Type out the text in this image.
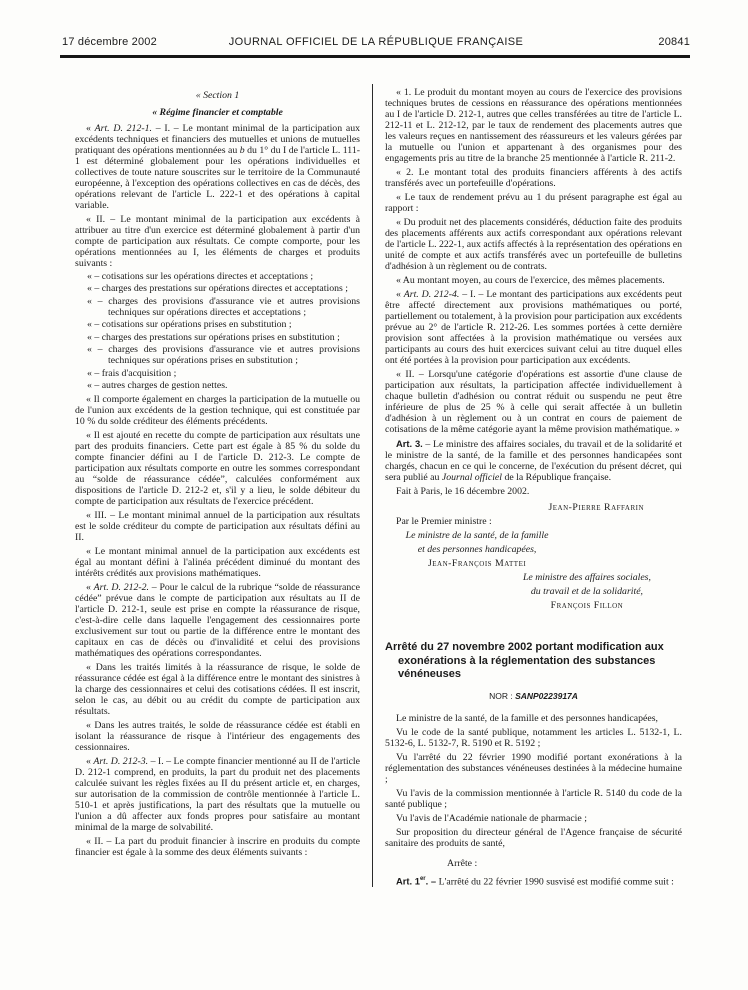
17 décembre 2002	JOURNAL OFFICIEL DE LA RÉPUBLIQUE FRANÇAISE	20841

« Section 1

« Régime financier et comptable

« Art. D. 212-1. – I. – Le montant minimal de la participation aux excédents techniques et financiers des mutuelles et unions de mutuelles pratiquant des opérations mentionnées au b du 1° du I de l'article L. 111-1 est déterminé globalement pour les opérations individuelles et collectives de toute nature souscrites sur le territoire de la Communauté européenne, à l'exception des opérations collectives en cas de décès, des opérations relevant de l'article L. 222-1 et des opérations à capital variable.

« II. – Le montant minimal de la participation aux excédents à attribuer au titre d'un exercice est déterminé globalement à partir d'un compte de participation aux résultats. Ce compte comporte, pour les opérations mentionnées au I, les éléments de charges et produits suivants :

« – cotisations sur les opérations directes et acceptations ;

« – charges des prestations sur opérations directes et acceptations ;

« – charges des provisions d'assurance vie et autres provisions techniques sur opérations directes et acceptations ;

« – cotisations sur opérations prises en substitution ;

« – charges des prestations sur opérations prises en substitution ;

« – charges des provisions d'assurance vie et autres provisions techniques sur opérations prises en substitution ;

« – frais d'acquisition ;

« – autres charges de gestion nettes.

« Il comporte également en charges la participation de la mutuelle ou de l'union aux excédents de la gestion technique, qui est constituée par 10 % du solde créditeur des éléments précédents.

« Il est ajouté en recette du compte de participation aux résultats une part des produits financiers. Cette part est égale à 85 % du solde du compte financier défini au I de l'article D. 212-3. Le compte de participation aux résultats comporte en outre les sommes correspondant au “solde de réassurance cédée”, calculées conformément aux dispositions de l'article D. 212-2 et, s'il y a lieu, le solde débiteur du compte de participation aux résultats de l'exercice précédent.

« III. – Le montant minimal annuel de la participation aux résultats est le solde créditeur du compte de participation aux résultats défini au II.

« Le montant minimal annuel de la participation aux excédents est égal au montant défini à l'alinéa précédent diminué du montant des intérêts crédités aux provisions mathématiques.

« Art. D. 212-2. – Pour le calcul de la rubrique “solde de réassurance cédée” prévue dans le compte de participation aux résultats au II de l'article D. 212-1, seule est prise en compte la réassurance de risque, c'est-à-dire celle dans laquelle l'engagement des cessionnaires porte exclusivement sur tout ou partie de la différence entre le montant des capitaux en cas de décès ou d'invalidité et celui des provisions mathématiques des opérations correspondantes.

« Dans les traités limités à la réassurance de risque, le solde de réassurance cédée est égal à la différence entre le montant des sinistres à la charge des cessionnaires et celui des cotisations cédées. Il est inscrit, selon le cas, au débit ou au crédit du compte de participation aux résultats.

« Dans les autres traités, le solde de réassurance cédée est établi en isolant la réassurance de risque à l'intérieur des engagements des cessionnaires.

« Art. D. 212-3. – I. – Le compte financier mentionné au II de l'article D. 212-1 comprend, en produits, la part du produit net des placements calculée suivant les règles fixées au II du présent article et, en charges, sur autorisation de la commission de contrôle mentionnée à l'article L. 510-1 et après justifications, la part des résultats que la mutuelle ou l'union a dû affecter aux fonds propres pour satisfaire au montant minimal de la marge de solvabilité.

« II. – La part du produit financier à inscrire en produits du compte financier est égale à la somme des deux éléments suivants :

« 1. Le produit du montant moyen au cours de l'exercice des provisions techniques brutes de cessions en réassurance des opérations mentionnées au I de l'article D. 212-1, autres que celles transférées au titre de l'article L. 212-11 et L. 212-12, par le taux de rendement des placements autres que les valeurs reçues en nantissement des réassureurs et les valeurs gérées par la mutuelle ou l'union et appartenant à des organismes pour des engagements pris au titre de la branche 25 mentionnée à l'article R. 211-2.

« 2. Le montant total des produits financiers afférents à des actifs transférés avec un portefeuille d'opérations.

« Le taux de rendement prévu au 1 du présent paragraphe est égal au rapport :

« Du produit net des placements considérés, déduction faite des produits des placements afférents aux actifs correspondant aux opérations relevant de l'article L. 222-1, aux actifs affectés à la représentation des opérations en unité de compte et aux actifs transférés avec un portefeuille de bulletins d'adhésion à un règlement ou de contrats.

« Au montant moyen, au cours de l'exercice, des mêmes placements.

« Art. D. 212-4. – I. – Le montant des participations aux excédents peut être affecté directement aux provisions mathématiques ou porté, partiellement ou totalement, à la provision pour participation aux excédents prévue au 2° de l'article R. 212-26. Les sommes portées à cette dernière provision sont affectées à la provision mathématique ou versées aux participants au cours des huit exercices suivant celui au titre duquel elles ont été portées à la provision pour participation aux excédents.

« II. – Lorsqu'une catégorie d'opérations est assortie d'une clause de participation aux résultats, la participation affectée individuellement à chaque bulletin d'adhésion ou contrat réduit ou suspendu ne peut être inférieure de plus de 25 % à celle qui serait affectée à un bulletin d'adhésion à un règlement ou à un contrat en cours de paiement de cotisations de la même catégorie ayant la même provision mathématique. »

Art. 3. – Le ministre des affaires sociales, du travail et de la solidarité et le ministre de la santé, de la famille et des personnes handicapées sont chargés, chacun en ce qui le concerne, de l'exécution du présent décret, qui sera publié au Journal officiel de la République française.

Fait à Paris, le 16 décembre 2002.

Jean-Pierre Raffarin

Par le Premier ministre :

Le ministre de la santé, de la famille

et des personnes handicapées,

Jean-François Mattei

Le ministre des affaires sociales,

du travail et de la solidarité,

François Fillon

Arrêté du 27 novembre 2002 portant modification aux exonérations à la réglementation des substances vénéneuses

NOR : SANP0223917A

Le ministre de la santé, de la famille et des personnes handicapées,

Vu le code de la santé publique, notamment les articles L. 5132-1, L. 5132-6, L. 5132-7, R. 5190 et R. 5192 ;

Vu l'arrêté du 22 février 1990 modifié portant exonérations à la réglementation des substances vénéneuses destinées à la médecine humaine ;

Vu l'avis de la commission mentionnée à l'article R. 5140 du code de la santé publique ;

Vu l'avis de l'Académie nationale de pharmacie ;

Sur proposition du directeur général de l'Agence française de sécurité sanitaire des produits de santé,

Arrête :

Art. 1er. – L'arrêté du 22 février 1990 susvisé est modifié comme suit :
